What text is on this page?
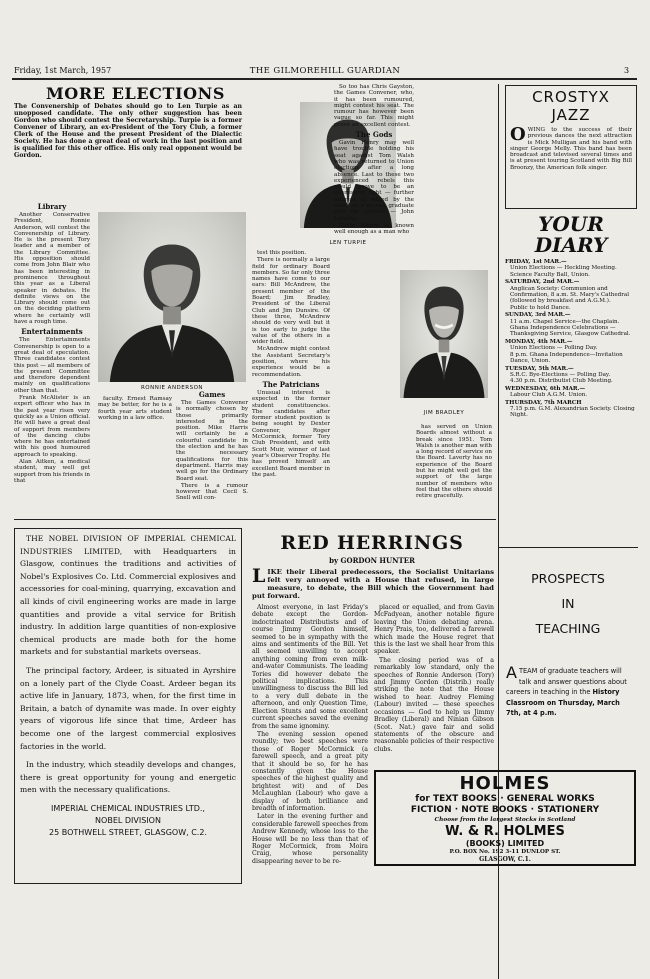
Friday, 1st March, 1957	THE GILMOREHILL GUARDIAN	3
MORE ELECTIONS
The Convenership of Debates should go to Len Turpie as an unopposed candidate. The only other suggestion has been Gordon who should contest the Secretaryship. Turpie is a former Convener of Library, an ex-President of the Tory Club, a former Clerk of the House and the present President of the Dialectic Society. He has done a great deal of work in the last position and is qualified for this other office. His only real opponent would be Gordon.
Library

Another Conservative President, Ronnie Anderson, will contest the Convenership of Library. He is the present Tory leader and a member of the Library Committee. His opposition should come from John Blair who has been interesting in prominence throughout this year as a Liberal speaker in debates. He definite views on the Library should come out on the deciding platform where he certainly will have a rough time.

Entertainments

The Entertainments Convenership is open to a great deal of speculation. Three candidates contest this post — all members of the present Committee and therefore dependent mainly on qualifications other than that.

Frank McAlister is an expert officer who has in the past year risen very quickly as a Union official. He will have a great deal of support from members of the dancing clubs where he has entertained with his good humoured approach to speaking.

Alan Aitken, a medical student, may well get support from his friends in that

RONNIE ANDERSON

faculty. Ernest Ramsay may be better, for he is a fourth year arts student working in a law office.

Games

The Games Convener is normally chosen by those primarily interested in the position. Mike Harris will certainly be a colourful candidate in the election and he has the necessary qualifications for this department. Harris may well go for the Ordinary Board seat.

There is a rumour however that Cecil S. Snell will con-

LEN TURPIE

test this position.

There is normally a large field for ordinary Board members. So far only three names have come to our ears: Bill McAndrew, the present member of the Board; Jim Bradley, President of the Liberal Club and Jim Dunsire. Of these three, McAndrew should do very well but it is too early to judge the value of the others in a wider field.

McAndrew might contest the Assistant Secretary's position, where his experience would be a recommendation.

The Patricians

Unusual interest is expected in the former student constituencies. The candidates after former student position is being sought by Dexter Convener, Roger McCormick, former Tory Club President, and with Scott Muir, winner of last year's Observer Trophy. He has proved himself an excellent Board member in the past.

So too has Chris Gayston, the Games Convener, who, it has been rumoured, might contest his seat. The rumour has however been vague so far. This might prove an excellent contest.

The Gods

Gavin Henry may well have trouble holding his seat against Tom Walsh who was returned to Union elections after a long absence. Last to these two experienced rebels this would prove to be an interesting fight — further interest is added by the entry of a recent graduate into the contest — John Laverty.

Gavin Henry is known well enough as a man who

JIM BRADLEY

has served on Union Boards almost without a break since 1951. Tom Walsh is another man with a long record of service on the Board. Laverty has no experience of the Board but he might well get the support of the large number of members who feel that the others should retire gracefully.

CROSTYX
JAZZ
O WING to the success of their previous dances the next attraction is Mick Mulligan and his band with singer George Melly. This band has been broadcast and televised several times and is at present touring Scotland with Big Bill Broonzy, the American folk singer.
YOUR
DIARY

FRIDAY, 1st MAR.—

Union Elections — Heckling Meeting.

Science Faculty Ball, Union.

SATURDAY, 2nd MAR.—

Anglican Society: Communion and Confirmation, 8 a.m. St. Mary's Cathedral (followed by breakfast and A.G.M.).

Public to hold Dance.

SUNDAY, 3rd MAR.—

11 a.m. Chapel Service—the Chaplain.

Ghana Independence Celebrations — Thanksgiving Service, Glasgow Cathedral.

MONDAY, 4th MAR.—

Union Elections — Polling Day.

8 p.m. Ghana Independence—Invitation Dance, Union.

TUESDAY, 5th MAR.—

S.R.C. Bye-Elections — Polling Day.

4.30 p.m. Distributist Club Meeting.

WEDNESDAY, 6th MAR.—

Labour Club A.G.M. Union.

THURSDAY, 7th MARCH

7.15 p.m. G.M. Alexandrian Society. Closing Night.

PROSPECTS
IN
TEACHING
A TEAM of graduate teachers will talk and answer questions about careers in teaching in the History Classroom on Thursday, March 7th, at 4 p.m.

THE NOBEL DIVISION OF IMPERIAL CHEMICAL INDUSTRIES LIMITED, with Headquarters in Glasgow, continues the traditions and activities of Nobel's Explosives Co. Ltd. Commercial explosives and accessories for coal-mining, quarrying, excavation and all kinds of civil engineering works are made in large quantities and provide a vital service for British industry. In addition large quantities of non-explosive chemical products are made both for the home markets and for substantial markets overseas.

The principal factory, Ardeer, is situated in Ayrshire on a lonely part of the Clyde Coast. Ardeer began its active life in January, 1873, when, for the first time in Britain, a batch of dynamite was made. In over eighty years of vigorous life since that time, Ardeer has become one of the largest commercial explosives factories in the world.

In the industry, which steadily develops and changes, there is great opportunity for young and energetic men with the necessary qualifications.

IMPERIAL CHEMICAL INDUSTRIES LTD.,
NOBEL DIVISION
25 BOTHWELL STREET, GLASGOW, C.2.
RED HERRINGS
by GORDON HUNTER
L IKE their Liberal predecessors, the Socialist Unitarians felt very annoyed with a House that refused, in large measure, to debate, the Bill which the Government had put forward.

Almost everyone, in last Friday's debate except the Gordon-indoctrinated Distributists and of course Jimmy Gordon himself, seemed to be in sympathy with the aims and sentiments of the Bill. Yet all seemed unwilling to accept anything coming from even milk-and-water Communists. The leading Tories did however debate the political implications. This unwillingness to discuss the Bill led to a very dull debate in the afternoon, and only Question Time, Election Stunts and some excellent current speeches saved the evening from the same ignominy.

The evening session opened roundly; two best speeches were those of Roger McCormick (a farewell speech, and a great pity that it should be so, for he has constantly given the House speeches of the highest quality and brightest wit) and of Des McLaughlan (Labour) who gave a display of both brilliance and breadth of information.

Later in the evening further and considerable farewell speeches from Andrew Kennedy, whose loss to the House will be no less than that of Roger McCormick, from Moira Craig, whose personality disappearing never to be re-

placed or equalled, and from Gavin McFadyean, another notable figure leaving the Union debating arena. Henry Prais, too, delivered a farewell which made the House regret that this is the last we shall hear from this speaker.

The closing period was of a remarkably low standard, only the speeches of Ronnie Anderson (Tory) and Jimmy Gordon (Distrib.) really striking the note that the House wished to hear. Audrey Fleming (Labour) invited — these speeches occasions — God to help us Jimmy Bradley (Liberal) and Ninian Gibson (Scot. Nat.) gave fair and solid statements of the obscure and reasonable policies of their respective clubs.

HOLMES
for TEXT BOOKS · GENERAL WORKS
FICTION · NOTE BOOKS · STATIONERY
Choose from the largest Stocks in Scotland
W. & R. HOLMES
(BOOKS) LIMITED
P.O. BOX No. 192 3-11 DUNLOP ST.
GLASGOW, C.1.
